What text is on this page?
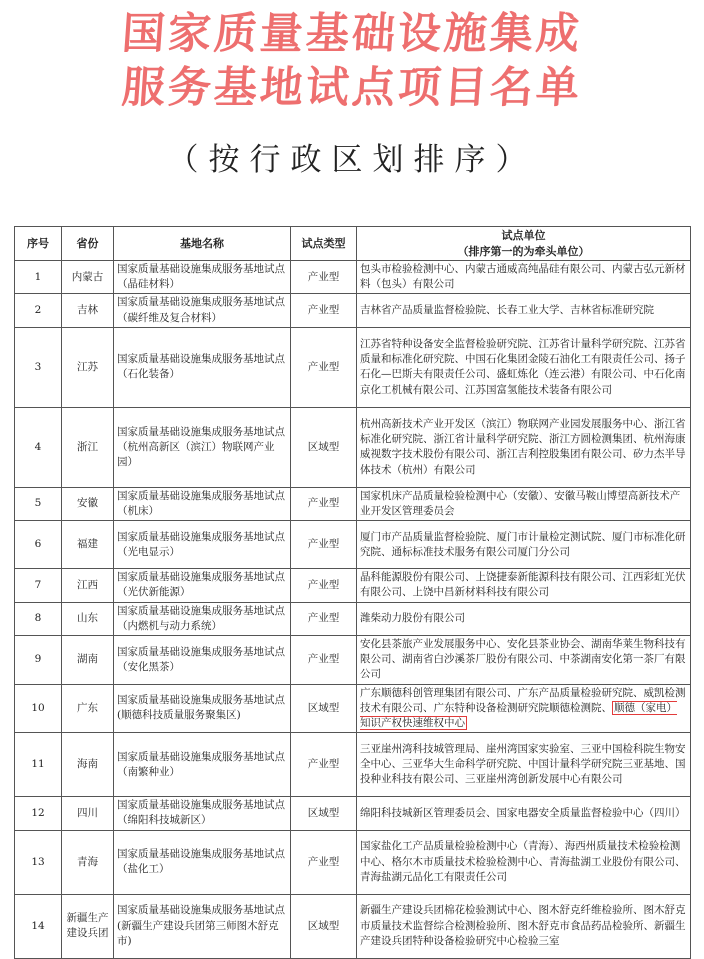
国家质量基础设施集成
服务基地试点项目名单
（按行政区划排序）
序号	省份	基地名称	试点类型	试点单位
（排序第一的为牵头单位）

1	内蒙古	国家质量基础设施集成服务基地试点（晶硅材料）	产业型	包头市检验检测中心、内蒙古通威高纯晶硅有限公司、内蒙古弘元新材料（包头）有限公司
2	吉林	国家质量基础设施集成服务基地试点（碳纤维及复合材料）	产业型	吉林省产品质量监督检验院、长春工业大学、吉林省标准研究院
3	江苏	国家质量基础设施集成服务基地试点（石化装备）	产业型	江苏省特种设备安全监督检验研究院、江苏省计量科学研究院、江苏省质量和标准化研究院、中国石化集团金陵石油化工有限责任公司、扬子石化—巴斯夫有限责任公司、盛虹炼化（连云港）有限公司、中石化南京化工机械有限公司、江苏国富氢能技术装备有限公司
4	浙江	国家质量基础设施集成服务基地试点（杭州高新区（滨江）物联网产业园）	区域型	杭州高新技术产业开发区（滨江）物联网产业园发展服务中心、浙江省标准化研究院、浙江省计量科学研究院、浙江方圆检测集团、杭州海康威视数字技术股份有限公司、浙江吉利控股集团有限公司、矽力杰半导体技术（杭州）有限公司
5	安徽	国家质量基础设施集成服务基地试点（机床）	产业型	国家机床产品质量检验检测中心（安徽）、安徽马鞍山博望高新技术产业开发区管理委员会
6	福建	国家质量基础设施集成服务基地试点（光电显示）	产业型	厦门市产品质量监督检验院、厦门市计量检定测试院、厦门市标准化研究院、通标标准技术服务有限公司厦门分公司
7	江西	国家质量基础设施集成服务基地试点（光伏新能源）	产业型	晶科能源股份有限公司、上饶捷泰新能源科技有限公司、江西彩虹光伏有限公司、上饶中昌新材料科技有限公司
8	山东	国家质量基础设施集成服务基地试点（内燃机与动力系统）	产业型	潍柴动力股份有限公司
9	湖南	国家质量基础设施集成服务基地试点（安化黑茶）	产业型	安化县茶旅产业发展服务中心、安化县茶业协会、湖南华莱生物科技有限公司、湖南省白沙溪茶厂股份有限公司、中茶湖南安化第一茶厂有限公司
10	广东	国家质量基础设施集成服务基地试点(顺德科技质量服务聚集区)	区域型	广东顺德科创管理集团有限公司、广东产品质量检验研究院、威凯检测技术有限公司、广东特种设备检测研究院顺德检测院、 顺德（家电）知识产权快速维权中心
11	海南	国家质量基础设施集成服务基地试点（南繁种业）	产业型	三亚崖州湾科技城管理局、崖州湾国家实验室、三亚中国检科院生物安全中心、三亚华大生命科学研究院、中国计量科学研究院三亚基地、国投种业科技有限公司、三亚崖州湾创新发展中心有限公司
12	四川	国家质量基础设施集成服务基地试点（绵阳科技城新区）	区域型	绵阳科技城新区管理委员会、国家电器安全质量监督检验中心（四川）
13	青海	国家质量基础设施集成服务基地试点（盐化工）	产业型	国家盐化工产品质量检验检测中心（青海）、海西州质量技术检验检测中心、格尔木市质量技术检验检测中心、青海盐湖工业股份有限公司、青海盐湖元品化工有限责任公司
14	新疆生产建设兵团	国家质量基础设施集成服务基地试点(新疆生产建设兵团第三师图木舒克市)	区域型	新疆生产建设兵团棉花检验测试中心、图木舒克纤维检验所、图木舒克市质量技术监督综合检测检验所、图木舒克市食品药品检验所、新疆生产建设兵团特种设备检验研究中心检验三室
